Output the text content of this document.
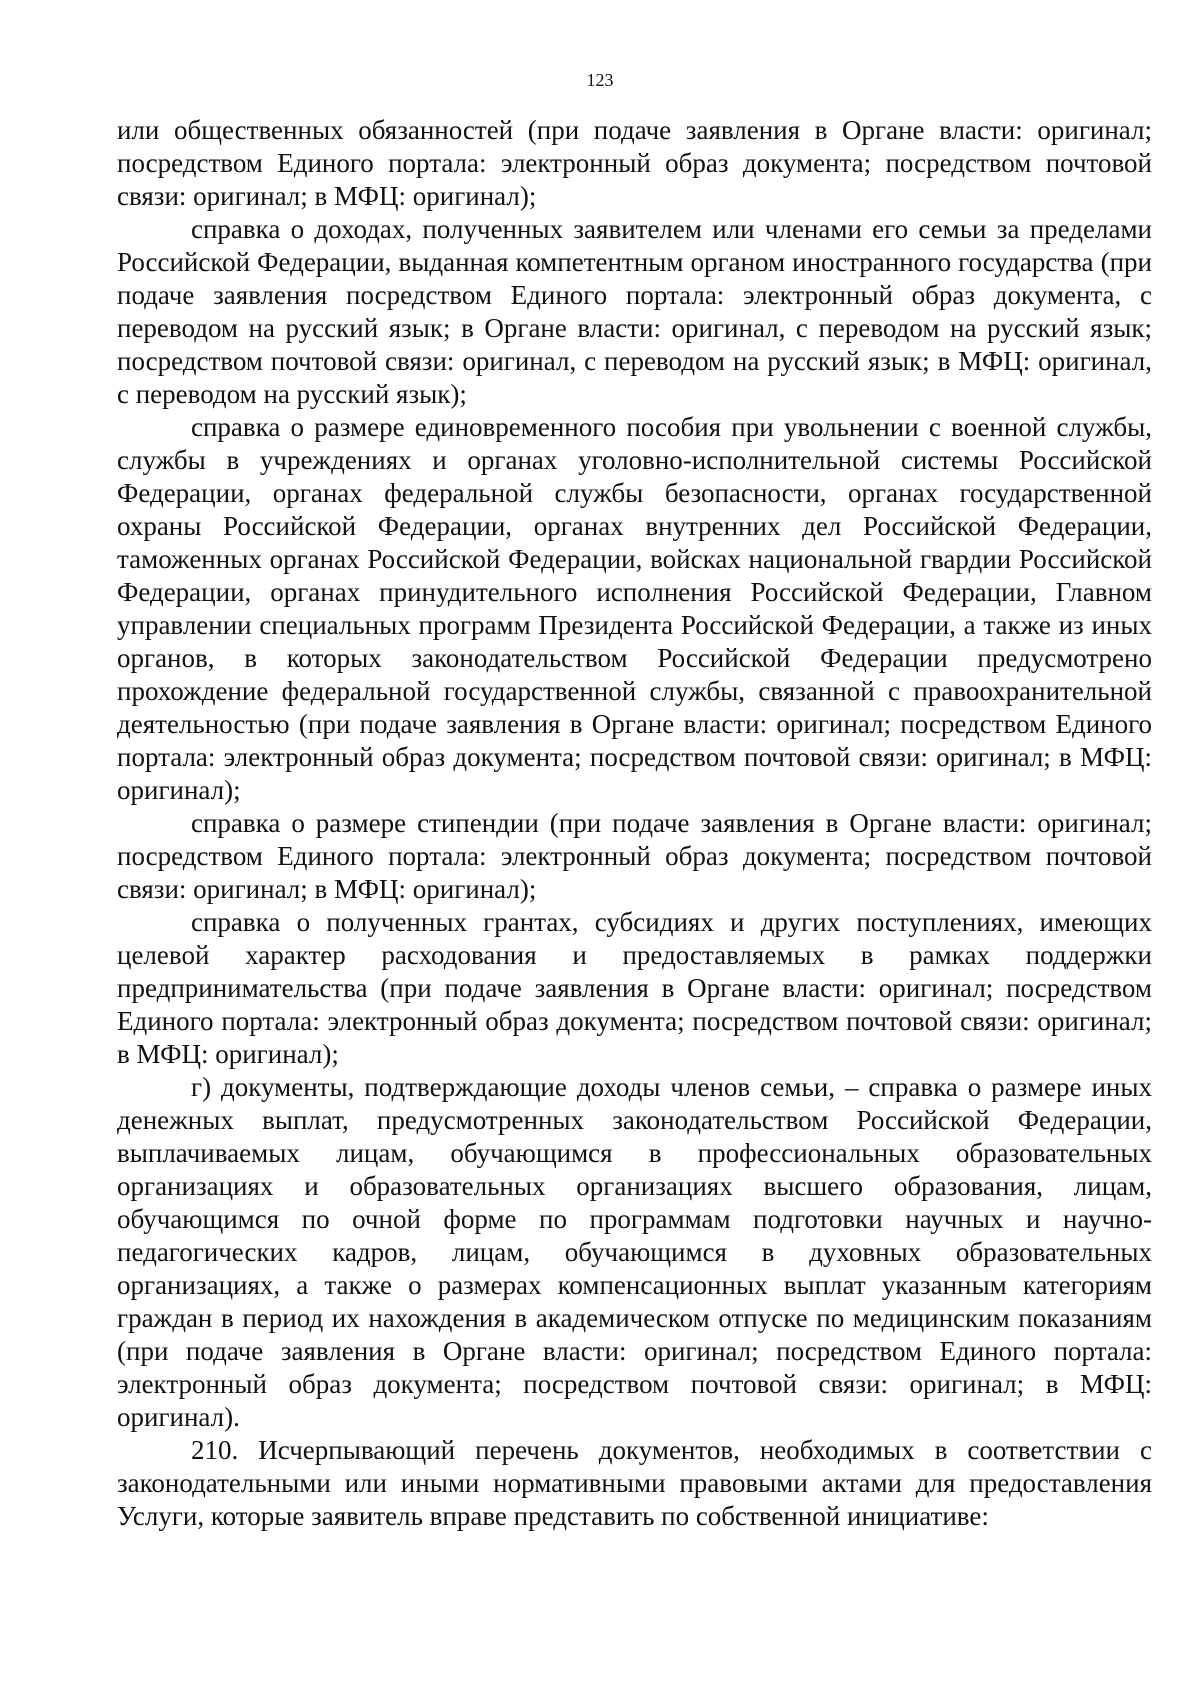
123

или общественных обязанностей (при подаче заявления в Органе власти: оригинал; посредством Единого портала: электронный образ документа; посредством почтовой связи: оригинал; в МФЦ: оригинал);

справка о доходах, полученных заявителем или членами его семьи за пределами Российской Федерации, выданная компетентным органом иностранного государства (при подаче заявления посредством Единого портала: электронный образ документа, с переводом на русский язык; в Органе власти: оригинал, с переводом на русский язык; посредством почтовой связи: оригинал, с переводом на русский язык; в МФЦ: оригинал, с переводом на русский язык);

справка о размере единовременного пособия при увольнении с военной службы, службы в учреждениях и органах уголовно-исполнительной системы Российской Федерации, органах федеральной службы безопасности, органах государственной охраны Российской Федерации, органах внутренних дел Российской Федерации, таможенных органах Российской Федерации, войсках национальной гвардии Российской Федерации, органах принудительного исполнения Российской Федерации, Главном управлении специальных программ Президента Российской Федерации, а также из иных органов, в которых законодательством Российской Федерации предусмотрено прохождение федеральной государственной службы, связанной с правоохранительной деятельностью (при подаче заявления в Органе власти: оригинал; посредством Единого портала: электронный образ документа; посредством почтовой связи: оригинал; в МФЦ: оригинал);

справка о размере стипендии (при подаче заявления в Органе власти: оригинал; посредством Единого портала: электронный образ документа; посредством почтовой связи: оригинал; в МФЦ: оригинал);

справка о полученных грантах, субсидиях и других поступлениях, имеющих целевой характер расходования и предоставляемых в рамках поддержки предпринимательства (при подаче заявления в Органе власти: оригинал; посредством Единого портала: электронный образ документа; посредством почтовой связи: оригинал; в МФЦ: оригинал);

г) документы, подтверждающие доходы членов семьи, – справка о размере иных денежных выплат, предусмотренных законодательством Российской Федерации, выплачиваемых лицам, обучающимся в профессиональных образовательных организациях и образовательных организациях высшего образования, лицам, обучающимся по очной форме по программам подготовки научных и научно-педагогических кадров, лицам, обучающимся в духовных образовательных организациях, а также о размерах компенсационных выплат указанным категориям граждан в период их нахождения в академическом отпуске по медицинским показаниям (при подаче заявления в Органе власти: оригинал; посредством Единого портала: электронный образ документа; посредством почтовой связи: оригинал; в МФЦ: оригинал).

210. Исчерпывающий перечень документов, необходимых в соответствии с законодательными или иными нормативными правовыми актами для предоставления Услуги, которые заявитель вправе представить по собственной инициативе:
